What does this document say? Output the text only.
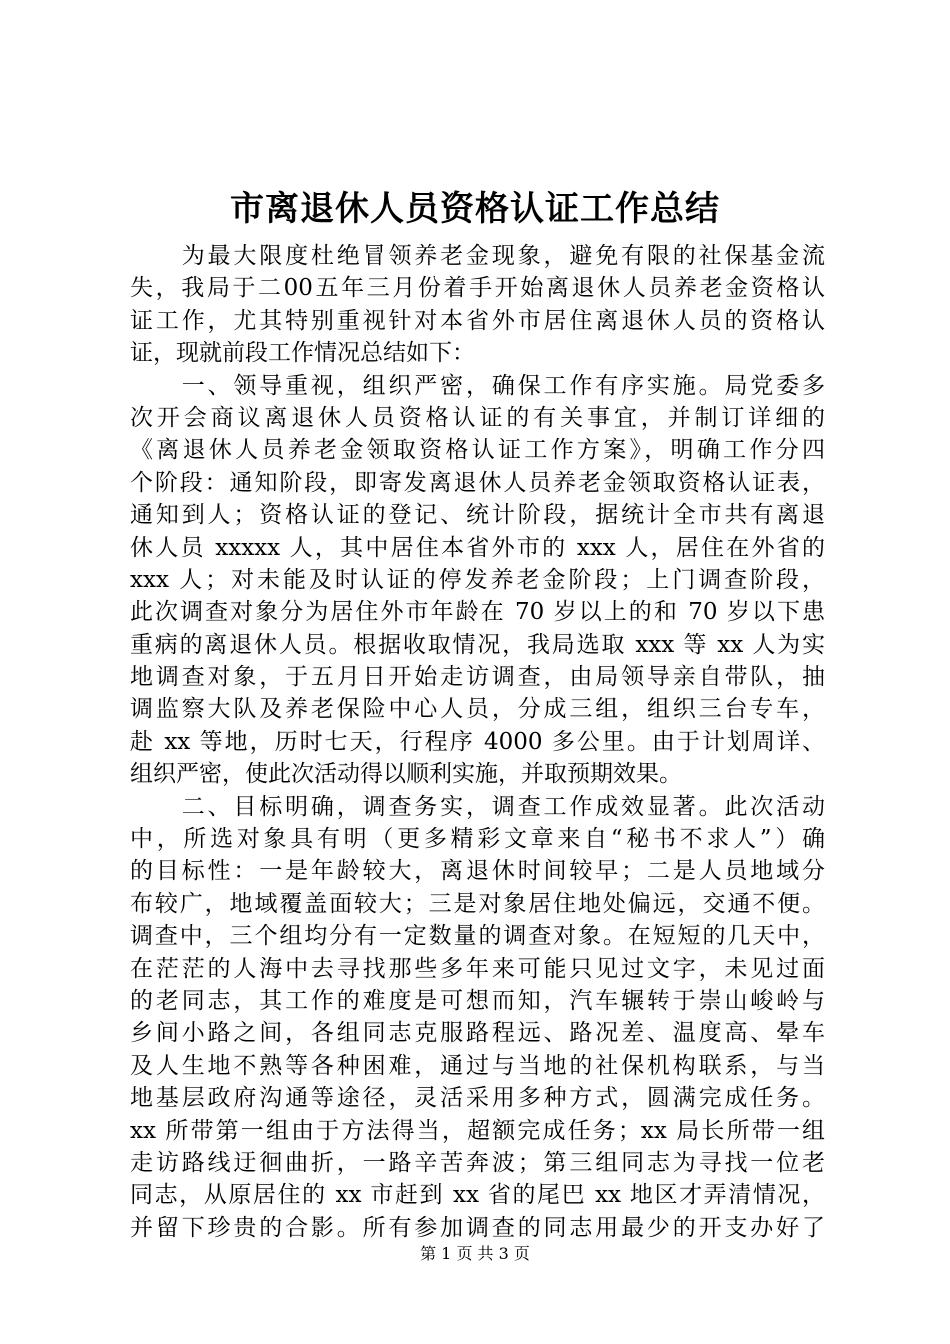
市离退休人员资格认证工作总结
　　为最大限度杜绝冒领养老金现象，避免有限的社保基金流
失，我局于二00五年三月份着手开始离退休人员养老金资格认
证工作，尤其特别重视针对本省外市居住离退休人员的资格认
证，现就前段工作情况总结如下：
　　一、领导重视，组织严密，确保工作有序实施。局党委多
次开会商议离退休人员资格认证的有关事宜，并制订详细的
《离退休人员养老金领取资格认证工作方案》，明确工作分四
个阶段：通知阶段，即寄发离退休人员养老金领取资格认证表，
通知到人；资格认证的登记、统计阶段，据统计全市共有离退
休人员 xxxxx 人，其中居住本省外市的 xxx 人，居住在外省的
xxx 人；对未能及时认证的停发养老金阶段；上门调查阶段，
此次调查对象分为居住外市年龄在 70 岁以上的和 70 岁以下患
重病的离退休人员。根据收取情况，我局选取 xxx 等 xx 人为实
地调查对象，于五月日开始走访调查，由局领导亲自带队，抽
调监察大队及养老保险中心人员，分成三组，组织三台专车，
赴 xx 等地，历时七天，行程序 4000 多公里。由于计划周详、
组织严密，使此次活动得以顺利实施，并取预期效果。
　　二、目标明确，调查务实，调查工作成效显著。此次活动
中，所选对象具有明（更多精彩文章来自“秘书不求人”）确
的目标性：一是年龄较大，离退休时间较早；二是人员地域分
布较广，地域覆盖面较大；三是对象居住地处偏远，交通不便。
调查中，三个组均分有一定数量的调查对象。在短短的几天中，
在茫茫的人海中去寻找那些多年来可能只见过文字，未见过面
的老同志，其工作的难度是可想而知，汽车辗转于崇山峻岭与
乡间小路之间，各组同志克服路程远、路况差、温度高、晕车
及人生地不熟等各种困难，通过与当地的社保机构联系，与当
地基层政府沟通等途径，灵活采用多种方式，圆满完成任务。
xx 所带第一组由于方法得当，超额完成任务；xx 局长所带一组
走访路线迂徊曲折，一路辛苦奔波；第三组同志为寻找一位老
同志，从原居住的 xx 市赶到 xx 省的尾巴 xx 地区才弄清情况，
并留下珍贵的合影。所有参加调查的同志用最少的开支办好了
第 1 页 共 3 页
